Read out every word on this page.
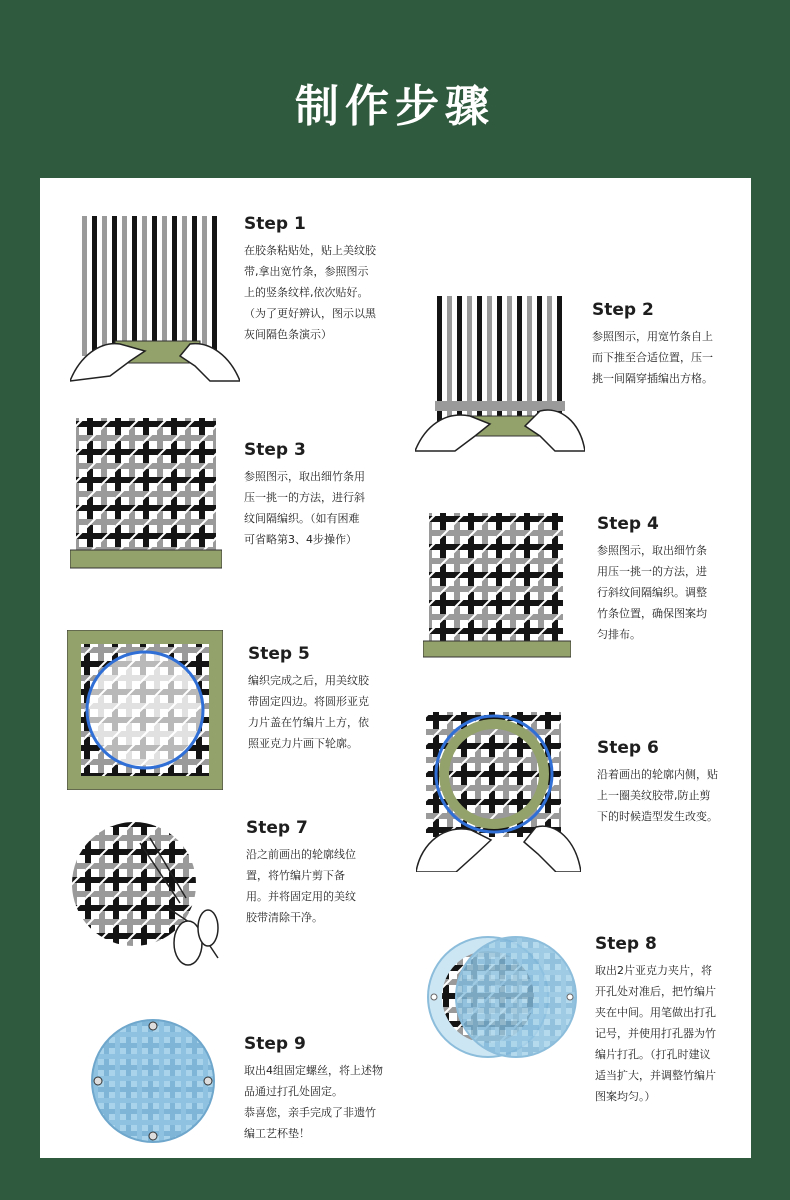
制作步骤
Step 1

在胶条粘贴处，贴上美纹胶
带,拿出宽竹条，参照图示
上的竖条纹样,依次贴好。
（为了更好辨认，图示以黑
灰间隔色条演示）

Step 2

参照图示，用宽竹条自上
而下推至合适位置，压一
挑一间隔穿插编出方格。

Step 3

参照图示，取出细竹条用
压一挑一的方法，进行斜
纹间隔编织。（如有困难
可省略第3、4步操作）

Step 4

参照图示，取出细竹条
用压一挑一的方法，进
行斜纹间隔编织。调整
竹条位置，确保图案均
匀排布。

Step 5

编织完成之后，用美纹胶
带固定四边。将圆形亚克
力片盖在竹编片上方，依
照亚克力片画下轮廓。	Step 6

沿着画出的轮廓内侧，贴
上一圈美纹胶带,防止剪
下的时候造型发生改变。

Step 7

沿之前画出的轮廓线位
置，将竹编片剪下备
用。并将固定用的美纹
胶带清除干净。

Step 8

取出2片亚克力夹片，将
开孔处对准后，把竹编片
夹在中间。用笔做出打孔
记号，并使用打孔器为竹
编片打孔。（打孔时建议
适当扩大，并调整竹编片
图案均匀。）

Step 9

取出4组固定螺丝，将上述物
品通过打孔处固定。
恭喜您，亲手完成了非遗竹
编工艺杯垫！
